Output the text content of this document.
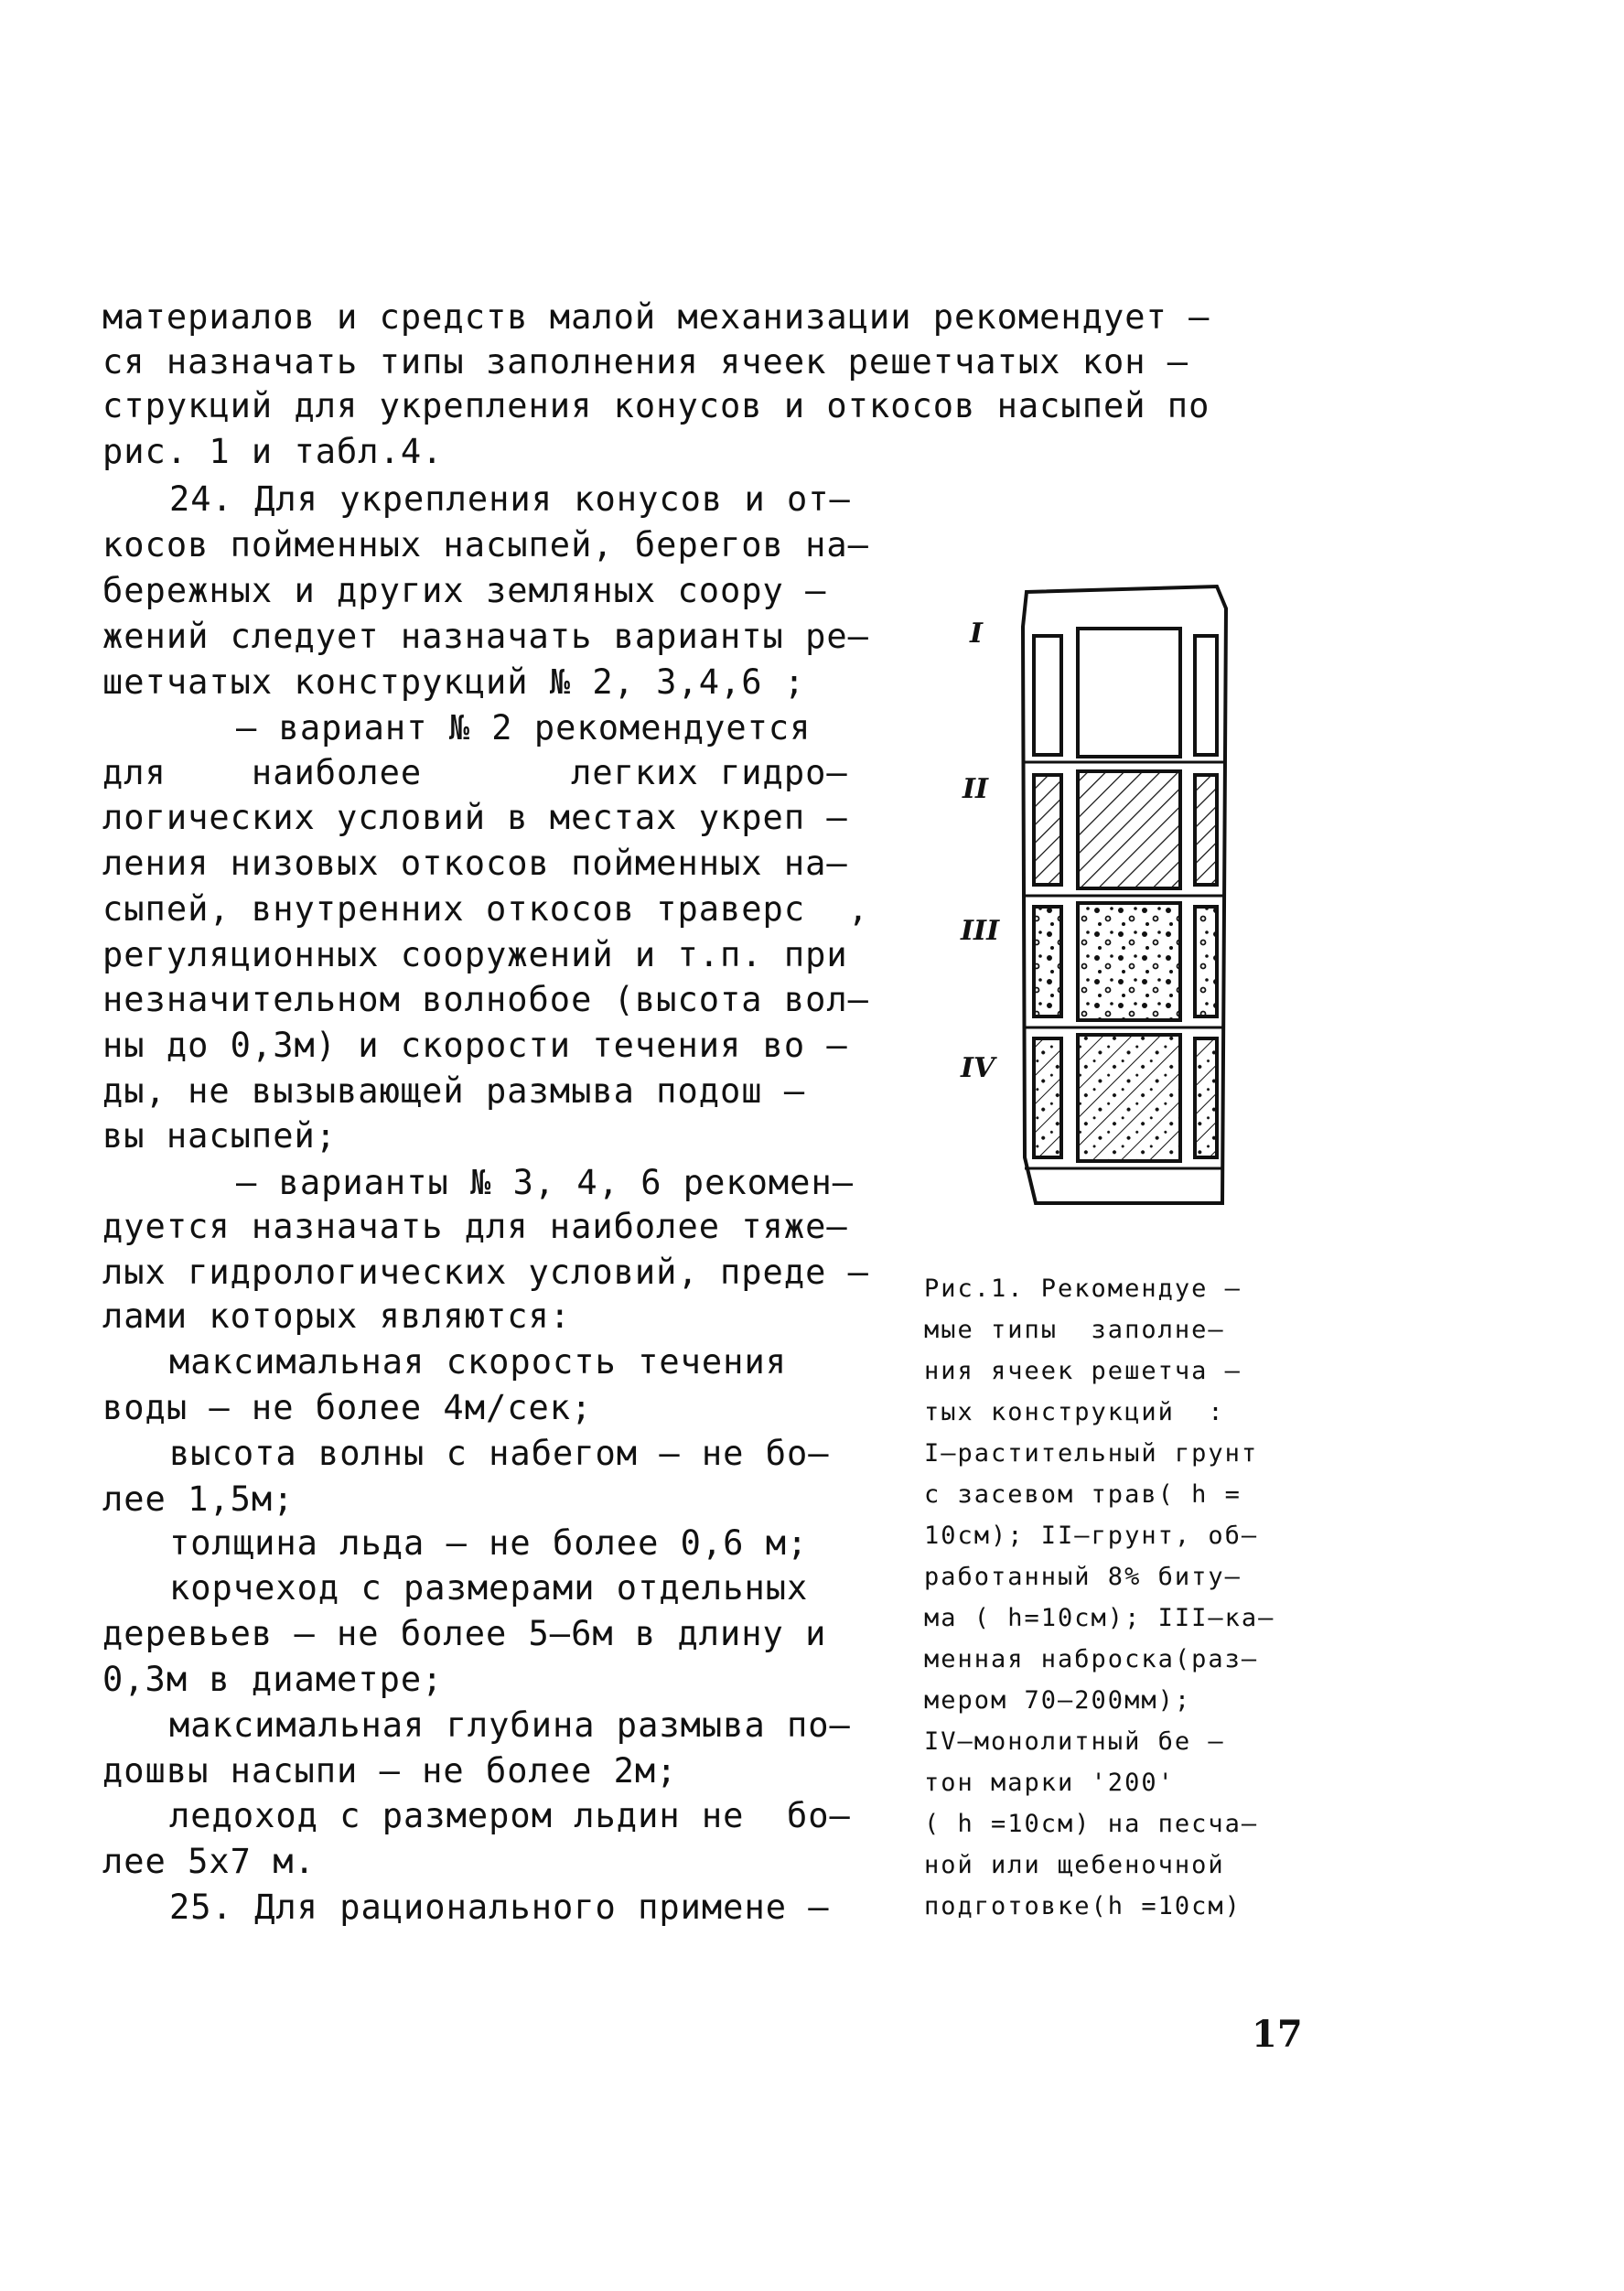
материалов и средств малой механизации рекомендует –
ся назначать типы заполнения ячеек решетчатых кон –
струкций для укрепления конусов и откосов насыпей по
рис. 1 и табл.4.
24. Для укрепления конусов и от–
косов пойменных насыпей, берегов на–
бережных и других земляных соору –
жений следует назначать варианты ре–
шетчатых конструкций № 2, 3,4,6 ;
– вариант № 2 рекомендуется
для    наиболее       легких гидро–
логических условий в местах укреп –
ления низовых откосов пойменных на–
сыпей, внутренних откосов траверс  ,
регуляционных сооружений и т.п. при
незначительном волнобое (высота вол–
ны до 0,3м) и скорости течения во –
ды, не вызывающей размыва подош –
вы насыпей;
– варианты № 3, 4, 6 рекомен–
дуется назначать для наиболее тяже–
лых гидрологических условий, преде –
лами которых являются:
максимальная скорость течения
воды – не более 4м/сек;
высота волны с набегом – не бо–
лее 1,5м;
толщина льда – не более 0,6 м;
корчеход с размерами отдельных
деревьев – не более 5–6м в длину и
0,3м в диаметре;
максимальная глубина размыва по–
дошвы насыпи – не более 2м;
ледоход с размером льдин не  бо–
лее 5х7 м.
25. Для рационального примене –
I
II
III
IV
Рис.1. Рекомендуе –
мые типы  заполне–
ния ячеек решетча –
тых конструкций  :
I–растительный грунт
с засевом трав( h =
10см); II–грунт, об–
работанный 8% биту–
ма ( h=10см); III–ка–
менная наброска(раз–
мером 70–200мм);
IV–монолитный бе –
тон марки '200'
( h =10см) на песча–
ной или щебеночной
подготовке(h =10см)
17
